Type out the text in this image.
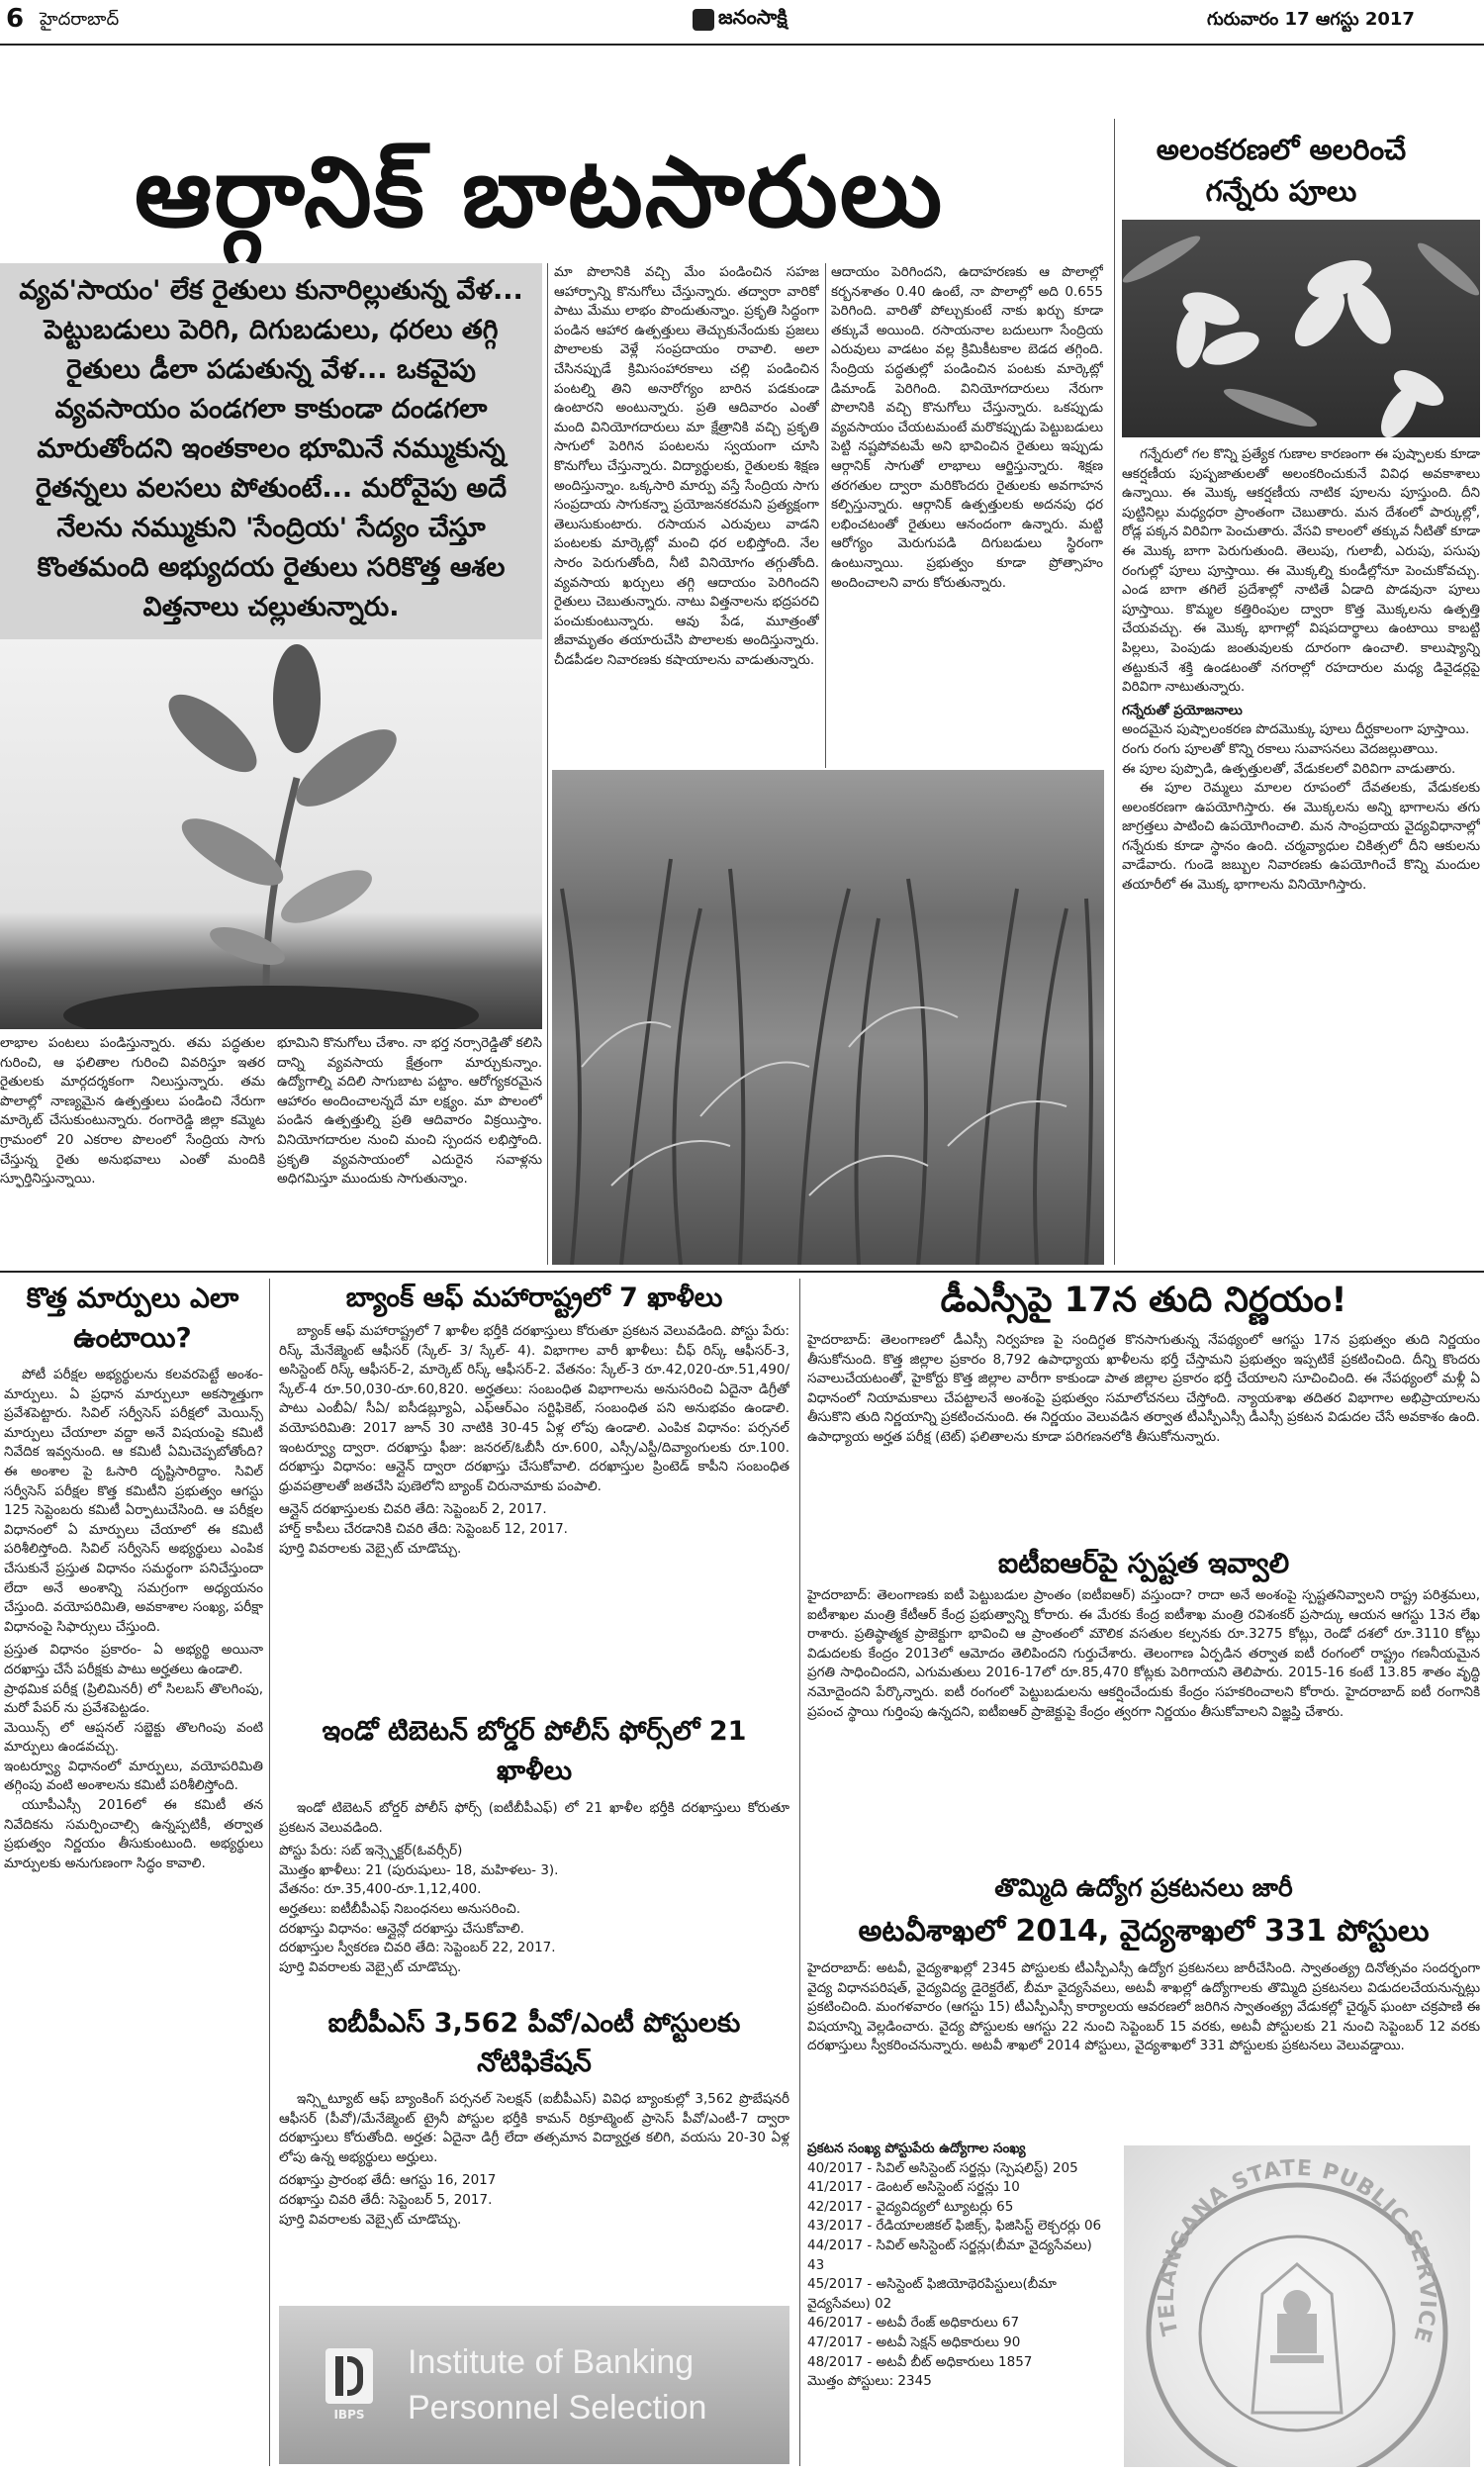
6 హైదరాబాద్	జనంసాక్షి	గురువారం 17 ఆగస్టు 2017
ఆర్గానిక్ బాటసారులు
వ్యవ'సాయం' లేక రైతులు కునారిల్లుతున్న వేళ... పెట్టుబడులు పెరిగి, దిగుబడులు, ధరలు తగ్గి రైతులు డీలా పడుతున్న వేళ... ఒకవైపు వ్యవసాయం పండగలా కాకుండా దండగలా మారుతోందని ఇంతకాలం భూమినే నమ్ముకున్న రైతన్నలు వలసలు పోతుంటే... మరోవైపు అదే నేలను నమ్ముకుని 'సేంద్రియ' సేద్యం చేస్తూ కొంతమంది అభ్యుదయ రైతులు సరికొత్త ఆశల విత్తనాలు చల్లుతున్నారు.
మా పొలానికి వచ్చి మేం పండించిన సహజ ఆహార్పాన్ని కొనుగోలు చేస్తున్నారు. తద్వారా వారికో పాటు మేము లాభం పొందుతున్నాం. ప్రకృతి సిద్ధంగా పండిన ఆహార ఉత్పత్తులు తెచ్చుకునేందుకు ప్రజలు పొలాలకు వెళ్లే సంప్రదాయం రావాలి. అలా చేసినప్పుడే క్రిమిసంహారకాలు చల్లి పండించిన పంటల్ని తిని అనారోగ్యం బారిన పడకుండా ఉంటారని అంటున్నారు. ప్రతి ఆదివారం ఎంతో మంది వినియోగదారులు మా క్షేత్రానికి వచ్చి ప్రకృతి సాగులో పెరిగిన పంటలను స్వయంగా చూసి కొనుగోలు చేస్తున్నారు. విద్యార్థులకు, రైతులకు శిక్షణ అందిస్తున్నాం. ఒక్కసారి మార్పు వస్తే సేంద్రియ సాగు సంప్రదాయ సాగుకన్నా ప్రయోజనకరమని ప్రత్యక్షంగా తెలుసుకుంటారు. రసాయన ఎరువులు వాడని పంటలకు మార్కెట్లో మంచి ధర లభిస్తోంది. నేల సారం పెరుగుతోంది, నీటి వినియోగం తగ్గుతోంది. వ్యవసాయ ఖర్చులు తగ్గి ఆదాయం పెరిగిందని రైతులు చెబుతున్నారు. నాటు విత్తనాలను భద్రపరచి పంచుకుంటున్నారు. ఆవు పేడ, మూత్రంతో జీవామృతం తయారుచేసి పొలాలకు అందిస్తున్నారు. చీడపీడల నివారణకు కషాయాలను వాడుతున్నారు.
ఆదాయం పెరిగిందని, ఉదాహరణకు ఆ పొలాల్లో కర్బనశాతం 0.40 ఉంటే, నా పొలాల్లో అది 0.655 పెరిగింది. వారితో పోల్చుకుంటే నాకు ఖర్చు కూడా తక్కువే అయింది. రసాయనాల బదులుగా సేంద్రియ ఎరువులు వాడటం వల్ల క్రిమికీటకాల బెడద తగ్గింది. సేంద్రియ పద్ధతుల్లో పండించిన పంటకు మార్కెట్లో డిమాండ్ పెరిగింది. వినియోగదారులు నేరుగా పొలానికి వచ్చి కొనుగోలు చేస్తున్నారు. ఒకప్పుడు వ్యవసాయం చేయటమంటే మరొకప్పుడు పెట్టుబడులు పెట్టి నష్టపోవటమే అని భావించిన రైతులు ఇప్పుడు ఆర్గానిక్ సాగుతో లాభాలు ఆర్జిస్తున్నారు. శిక్షణ తరగతుల ద్వారా మరికొందరు రైతులకు అవగాహన కల్పిస్తున్నారు. ఆర్గానిక్ ఉత్పత్తులకు అదనపు ధర లభించటంతో రైతులు ఆనందంగా ఉన్నారు. మట్టి ఆరోగ్యం మెరుగుపడి దిగుబడులు స్థిరంగా ఉంటున్నాయి. ప్రభుత్వం కూడా ప్రోత్సాహం అందించాలని వారు కోరుతున్నారు.
లాభాల పంటలు పండిస్తున్నారు. తమ పద్ధతుల గురించి, ఆ ఫలితాల గురించి వివరిస్తూ ఇతర రైతులకు మార్గదర్శకంగా నిలుస్తున్నారు. తమ పొలాల్లో నాణ్యమైన ఉత్పత్తులు పండించి నేరుగా మార్కెట్ చేసుకుంటున్నారు. రంగారెడ్డి జిల్లా కమ్మెట గ్రామంలో 20 ఎకరాల పొలంలో సేంద్రియ సాగు చేస్తున్న రైతు అనుభవాలు ఎంతో మందికి స్ఫూర్తినిస్తున్నాయి.
భూమిని కొనుగోలు చేశాం. నా భర్త నర్సారెడ్డితో కలిసి దాన్ని వ్యవసాయ క్షేత్రంగా మార్చుకున్నాం. ఉద్యోగాల్ని వదిలి సాగుబాట పట్టాం. ఆరోగ్యకరమైన ఆహారం అందించాలన్నదే మా లక్ష్యం. మా పొలంలో పండిన ఉత్పత్తుల్ని ప్రతి ఆదివారం విక్రయిస్తాం. వినియోగదారుల నుంచి మంచి స్పందన లభిస్తోంది. ప్రకృతి వ్యవసాయంలో ఎదురైన సవాళ్లను అధిగమిస్తూ ముందుకు సాగుతున్నాం.
అలంకరణలో అలరించే గన్నేరు పూలు

గన్నేరులో గల కొన్ని ప్రత్యేక గుణాల కారణంగా ఈ పుష్పాలకు కూడా ఆకర్షణీయ పుష్పజాతులతో అలంకరించుకునే వివిధ అవకాశాలు ఉన్నాయి. ఈ మొక్క ఆకర్షణీయ నాటిక పూలను పూస్తుంది. దీని పుట్టినిల్లు మధ్యధరా ప్రాంతంగా చెబుతారు. మన దేశంలో పార్కుల్లో, రోడ్ల పక్కన విరివిగా పెంచుతారు. వేసవి కాలంలో తక్కువ నీటితో కూడా ఈ మొక్క బాగా పెరుగుతుంది. తెలుపు, గులాబీ, ఎరుపు, పసుపు రంగుల్లో పూలు పూస్తాయి. ఈ మొక్కల్ని కుండీల్లోనూ పెంచుకోవచ్చు. ఎండ బాగా తగిలే ప్రదేశాల్లో నాటితే ఏడాది పొడవునా పూలు పూస్తాయి. కొమ్మల కత్తిరింపుల ద్వారా కొత్త మొక్కలను ఉత్పత్తి చేయవచ్చు. ఈ మొక్క భాగాల్లో విషపదార్థాలు ఉంటాయి కాబట్టి పిల్లలు, పెంపుడు జంతువులకు దూరంగా ఉంచాలి. కాలుష్యాన్ని తట్టుకునే శక్తి ఉండటంతో నగరాల్లో రహదారుల మధ్య డివైడర్లపై విరివిగా నాటుతున్నారు.

గన్నేరుతో ప్రయోజనాలు
అందమైన పుష్పాలంకరణ పొదమొక్కు పూలు దీర్ఘకాలంగా పూస్తాయి.
రంగు రంగు పూలతో కొన్ని రకాలు సువాసనలు వెదజల్లుతాయి.
ఈ పూల పుప్పొడి, ఉత్పత్తులతో, వేడుకలలో విరివిగా వాడుతారు.

ఈ పూల రెమ్మలు మాలల రూపంలో దేవతలకు, వేడుకలకు అలంకరణగా ఉపయోగిస్తారు. ఈ మొక్కలను అన్ని భాగాలను తగు జాగ్రత్తలు పాటించి ఉపయోగించాలి. మన సాంప్రదాయ వైద్యవిధానాల్లో గన్నేరుకు కూడా స్థానం ఉంది. చర్మవ్యాధుల చికిత్సలో దీని ఆకులను వాడేవారు. గుండె జబ్బుల నివారణకు ఉపయోగించే కొన్ని మందుల తయారీలో ఈ మొక్క భాగాలను వినియోగిస్తారు.

కొత్త మార్పులు ఎలా ఉంటాయి?

పోటీ పరీక్షల అభ్యర్థులను కలవరపెట్టే అంశం- మార్పులు. ఏ ప్రధాన మార్పులూ అకస్మాత్తుగా ప్రవేశపెట్టారు. సివిల్ సర్వీసెస్ పరీక్షలో మెయిన్స్ మార్పులు చేయాలా వద్దా అనే విషయంపై కమిటీ నివేదిక ఇవ్వనుంది. ఆ కమిటీ ఏమిచెప్పబోతోంది? ఈ అంశాల పై ఓసారి దృష్టిసారిద్దాం. సివిల్ సర్వీసెస్ పరీక్షల కొత్త కమిటీని ప్రభుత్వం ఆగస్టు 125 సెప్టెంబరు కమిటీ ఏర్పాటుచేసింది. ఆ పరీక్షల విధానంలో ఏ మార్పులు చేయాలో ఈ కమిటీ పరిశీలిస్తోంది. సివిల్ సర్వీసెస్ అభ్యర్థులు ఎంపిక చేసుకునే ప్రస్తుత విధానం సమర్థంగా పనిచేస్తుందా లేదా అనే అంశాన్ని సమగ్రంగా అధ్యయనం చేస్తుంది. వయోపరిమితి, అవకాశాల సంఖ్య, పరీక్షా విధానంపై సిఫార్సులు చేస్తుంది.

ప్రస్తుత విధానం ప్రకారం- ఏ అభ్యర్థి అయినా దరఖాస్తు చేసే పరీక్షకు పాటు అర్హతలు ఉండాలి.
ప్రాథమిక పరీక్ష (ప్రిలిమినరీ) లో సిలబస్ తొలగింపు, మరో పేపర్ ను ప్రవేశపెట్టడం.
మెయిన్స్ లో ఆప్షనల్ సబ్జెక్టు తొలగింపు వంటి మార్పులు ఉండవచ్చు.
ఇంటర్వ్యూ విధానంలో మార్పులు, వయోపరిమితి తగ్గింపు వంటి అంశాలను కమిటీ పరిశీలిస్తోంది.

యూపీఎస్సీ 2016లో ఈ కమిటీ తన నివేదికను సమర్పించాల్సి ఉన్నప్పటికీ, తర్వాత ప్రభుత్వం నిర్ణయం తీసుకుంటుంది. అభ్యర్థులు మార్పులకు అనుగుణంగా సిద్ధం కావాలి.

బ్యాంక్ ఆఫ్ మహారాష్ట్రలో 7 ఖాళీలు

బ్యాంక్ ఆఫ్ మహారాష్ట్రలో 7 ఖాళీల భర్తీకి దరఖాస్తులు కోరుతూ ప్రకటన వెలువడింది. పోస్టు పేరు: రిస్క్ మేనేజ్మెంట్ ఆఫీసర్ (స్కేల్- 3/ స్కేల్- 4). విభాగాల వారీ ఖాళీలు: చీఫ్ రిస్క్ ఆఫీసర్-3, అసిస్టెంట్ రిస్క్ ఆఫీసర్-2, మార్కెట్ రిస్క్ ఆఫీసర్-2. వేతనం: స్కేల్-3 రూ.42,020-రూ.51,490/ స్కేల్-4 రూ.50,030-రూ.60,820. అర్హతలు: సంబంధిత విభాగాలను అనుసరించి ఏదైనా డిగ్రీతో పాటు ఎంబీఏ/ సీఏ/ ఐసీడబ్ల్యూఏ, ఎఫ్ఆర్ఎం సర్టిఫికెట్, సంబంధిత పని అనుభవం ఉండాలి. వయోపరిమితి: 2017 జూన్ 30 నాటికి 30-45 ఏళ్ల లోపు ఉండాలి. ఎంపిక విధానం: పర్సనల్ ఇంటర్వ్యూ ద్వారా. దరఖాస్తు ఫీజు: జనరల్/ఓబీసీ రూ.600, ఎస్సీ/ఎస్టీ/దివ్యాంగులకు రూ.100. దరఖాస్తు విధానం: ఆన్లైన్ ద్వారా దరఖాస్తు చేసుకోవాలి. దరఖాస్తుల ప్రింటెడ్ కాపీని సంబంధిత ధ్రువపత్రాలతో జతచేసి పుణెలోని బ్యాంక్ చిరునామాకు పంపాలి.

ఆన్లైన్ దరఖాస్తులకు చివరి తేది: సెప్టెంబర్ 2, 2017.
హార్డ్ కాపీలు చేరడానికి చివరి తేది: సెప్టెంబర్ 12, 2017.
పూర్తి వివరాలకు వెబ్సైట్ చూడొచ్చు.
ఇండో టిబెటన్ బోర్డర్ పోలీస్ ఫోర్స్‌లో 21 ఖాళీలు

ఇండో టిబెటన్ బోర్డర్ పోలీస్ ఫోర్స్ (ఐటీబీపీఎఫ్) లో 21 ఖాళీల భర్తీకి దరఖాస్తులు కోరుతూ ప్రకటన వెలువడింది.

పోస్టు పేరు: సబ్ ఇన్స్పెక్టర్(ఓవర్సీర్)
మొత్తం ఖాళీలు: 21 (పురుషులు- 18, మహిళలు- 3).
వేతనం: రూ.35,400-రూ.1,12,400.
అర్హతలు: ఐటీబీపీఎఫ్ నిబంధనలు అనుసరించి.
దరఖాస్తు విధానం: ఆన్లైన్లో దరఖాస్తు చేసుకోవాలి.
దరఖాస్తుల స్వీకరణ చివరి తేది: సెప్టెంబర్ 22, 2017.
పూర్తి వివరాలకు వెబ్సైట్ చూడొచ్చు.
ఐబీపీఎస్ 3,562 పీవో/ఎంటీ పోస్టులకు నోటిఫికేషన్

ఇన్స్టిట్యూట్ ఆఫ్ బ్యాంకింగ్ పర్సనల్ సెలక్షన్ (ఐబీపీఎస్) వివిధ బ్యాంకుల్లో 3,562 ప్రొబేషనరీ ఆఫీసర్ (పీవో)/మేనేజ్మెంట్ ట్రైనీ పోస్టుల భర్తీకి కామన్ రిక్రూట్మెంట్ ప్రాసెస్ పీవో/ఎంటీ-7 ద్వారా దరఖాస్తులు కోరుతోంది. అర్హత: ఏదైనా డిగ్రీ లేదా తత్సమాన విద్యార్హత కలిగి, వయసు 20-30 ఏళ్ల లోపు ఉన్న అభ్యర్థులు అర్హులు.

దరఖాస్తు ప్రారంభ తేదీ: ఆగస్టు 16, 2017
దరఖాస్తు చివరి తేదీ: సెప్టెంబర్ 5, 2017.
పూర్తి వివరాలకు వెబ్సైట్ చూడొచ్చు.
IBPS
Institute of Banking
Personnel Selection
డీఎస్సీపై 17న తుది నిర్ణయం!
హైదరాబాద్: తెలంగాణలో డీఎస్సీ నిర్వహణ పై సందిగ్ధత కొనసాగుతున్న నేపథ్యంలో ఆగస్టు 17న ప్రభుత్వం తుది నిర్ణయం తీసుకోనుంది. కొత్త జిల్లాల ప్రకారం 8,792 ఉపాధ్యాయ ఖాళీలను భర్తీ చేస్తామని ప్రభుత్వం ఇప్పటికే ప్రకటించింది. దీన్ని కొందరు సవాలుచేయటంతో, హైకోర్టు కొత్త జిల్లాల వారీగా కాకుండా పాత జిల్లాల ప్రకారం భర్తీ చేయాలని సూచించింది. ఈ నేపథ్యంలో మళ్లీ ఏ విధానంలో నియామకాలు చేపట్టాలనే అంశంపై ప్రభుత్వం సమాలోచనలు చేస్తోంది. న్యాయశాఖ తదితర విభాగాల అభిప్రాయాలను తీసుకొని తుది నిర్ణయాన్ని ప్రకటించనుంది. ఈ నిర్ణయం వెలువడిన తర్వాత టీఎస్పీఎస్సీ డీఎస్సీ ప్రకటన విడుదల చేసే అవకాశం ఉంది. ఉపాధ్యాయ అర్హత పరీక్ష (టెట్) ఫలితాలను కూడా పరిగణనలోకి తీసుకోనున్నారు.
ఐటీఐఆర్‌పై స్పష్టత ఇవ్వాలి
హైదరాబాద్: తెలంగాణకు ఐటీ పెట్టుబడుల ప్రాంతం (ఐటీఐఆర్) వస్తుందా? రాదా అనే అంశంపై స్పష్టతనివ్వాలని రాష్ట్ర పరిశ్రమలు, ఐటీశాఖల మంత్రి కేటీఆర్ కేంద్ర ప్రభుత్వాన్ని కోరారు. ఈ మేరకు కేంద్ర ఐటీశాఖ మంత్రి రవిశంకర్ ప్రసాద్కు ఆయన ఆగస్టు 13న లేఖ రాశారు. ప్రతిష్ఠాత్మక ప్రాజెక్టుగా భావించి ఆ ప్రాంతంలో మౌలిక వసతుల కల్పనకు రూ.3275 కోట్లు, రెండో దశలో రూ.3110 కోట్లు విడుదలకు కేంద్రం 2013లో ఆమోదం తెలిపిందని గుర్తుచేశారు. తెలంగాణ ఏర్పడిన తర్వాత ఐటీ రంగంలో రాష్ట్రం గణనీయమైన ప్రగతి సాధించిందని, ఎగుమతులు 2016-17లో రూ.85,470 కోట్లకు పెరిగాయని తెలిపారు. 2015-16 కంటే 13.85 శాతం వృద్ధి నమోదైందని పేర్కొన్నారు. ఐటీ రంగంలో పెట్టుబడులను ఆకర్షించేందుకు కేంద్రం సహకరించాలని కోరారు. హైదరాబాద్ ఐటీ రంగానికి ప్రపంచ స్థాయి గుర్తింపు ఉన్నదని, ఐటీఐఆర్ ప్రాజెక్టుపై కేంద్రం త్వరగా నిర్ణయం తీసుకోవాలని విజ్ఞప్తి చేశారు.
తొమ్మిది ఉద్యోగ ప్రకటనలు జారీ
అటవీశాఖలో 2014, వైద్యశాఖలో 331 పోస్టులు
హైదరాబాద్: అటవీ, వైద్యశాఖల్లో 2345 పోస్టులకు టీఎస్పీఎస్సీ ఉద్యోగ ప్రకటనలు జారీచేసింది. స్వాతంత్య్ర దినోత్సవం సందర్భంగా వైద్య విధానపరిషత్, వైద్యవిద్య డైరెక్టరేట్, బీమా వైద్యసేవలు, అటవీ శాఖల్లో ఉద్యోగాలకు తొమ్మిది ప్రకటనలు విడుదలచేయనున్నట్లు ప్రకటించింది. మంగళవారం (ఆగస్టు 15) టీఎస్పీఎస్సీ కార్యాలయ ఆవరణలో జరిగిన స్వాతంత్య్ర వేడుకల్లో చైర్మన్ ఘంటా చక్రపాణి ఈ విషయాన్ని వెల్లడించారు. వైద్య పోస్టులకు ఆగస్టు 22 నుంచి సెప్టెంబర్ 15 వరకు, అటవీ పోస్టులకు 21 నుంచి సెప్టెంబర్ 12 వరకు దరఖాస్తులు స్వీకరించనున్నారు. అటవీ శాఖలో 2014 పోస్టులు, వైద్యశాఖలో 331 పోస్టులకు ప్రకటనలు వెలువడ్డాయి.
ప్రకటన సంఖ్య పోస్టుపేరు ఉద్యోగాల సంఖ్య
40/2017 - సివిల్ అసిస్టెంట్ సర్జన్లు (స్పెషలిస్ట్) 205
41/2017 - డెంటల్ అసిస్టెంట్ సర్జన్లు 10
42/2017 - వైద్యవిద్యలో ట్యూటర్లు 65
43/2017 - రేడియాలజికల్ ఫిజిక్స్, ఫిజిసిస్ట్ లెక్చరర్లు 06
44/2017 - సివిల్ అసిస్టెంట్ సర్జన్లు(బీమా వైద్యసేవలు) 43
45/2017 - అసిస్టెంట్ ఫిజియోథెరపిస్టులు(బీమా వైద్యసేవలు) 02
46/2017 - అటవీ రేంజ్ అధికారులు 67
47/2017 - అటవీ సెక్షన్ అధికారులు 90
48/2017 - అటవీ బీట్ అధికారులు 1857
మొత్తం పోస్టులు: 2345
TELANGANA STATE PUBLIC SERVICE
